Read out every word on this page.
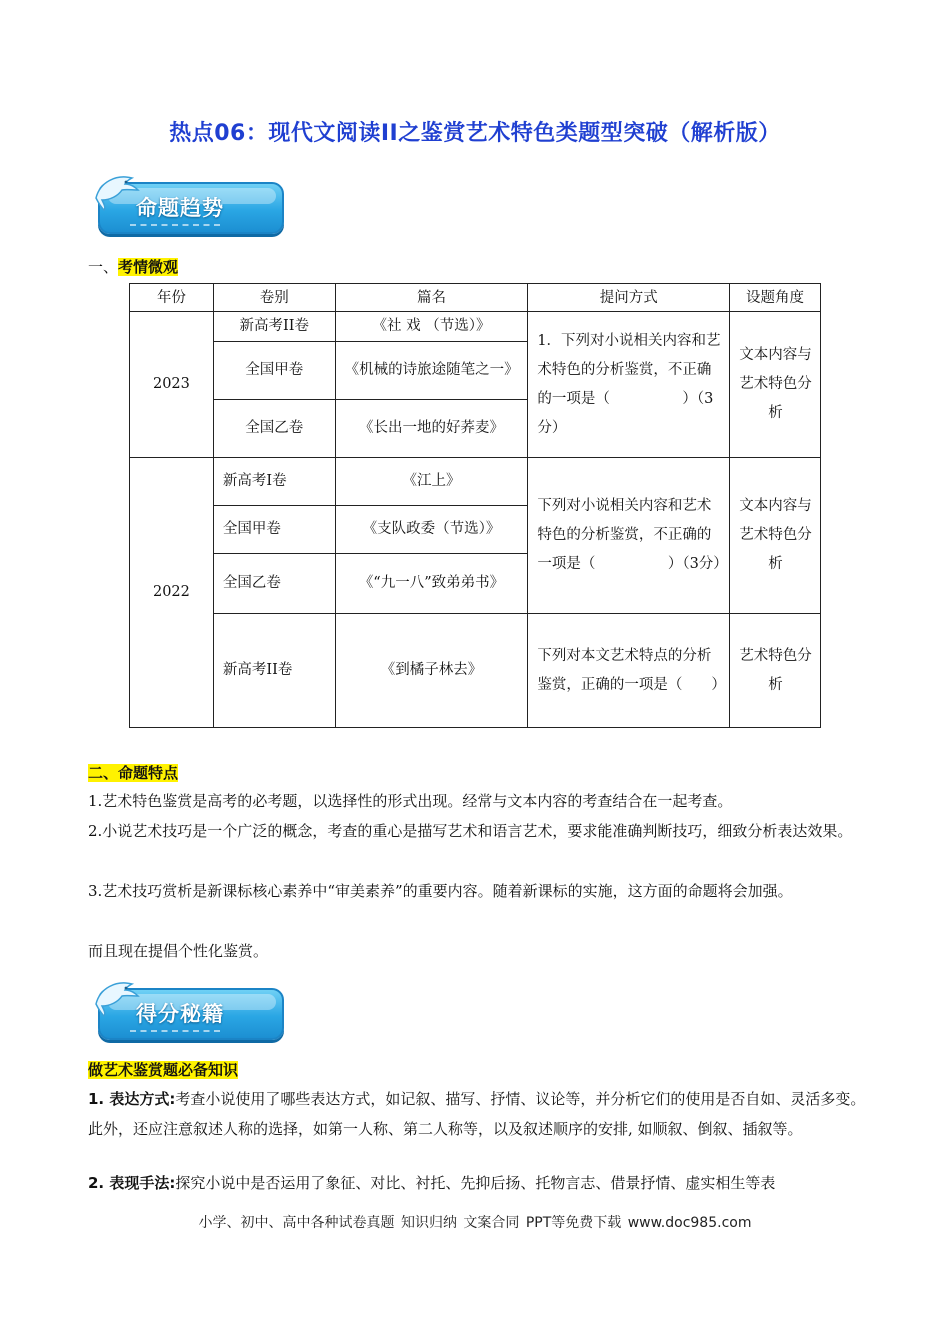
热点06：现代文阅读II之鉴赏艺术特色类题型突破（解析版）
命题趋势
一、考情微观
年份	卷别	篇名	提问方式	设题角度
2023	新高考II卷	《社 戏 （节选）》	1．下列对小说相关内容和艺术特色的分析鉴赏，不正确的一项是（　　　　　）（3分）	文本内容与艺术特色分析
	全国甲卷	《机械的诗旅途随笔之一》		
	全国乙卷	《长出一地的好荞麦》		
2022	新高考I卷	《江上》	下列对小说相关内容和艺术特色的分析鉴赏，不正确的一项是（　　　　　）（3分）	文本内容与艺术特色分析
	全国甲卷	《支队政委（节选）》		
	全国乙卷	《“九一八”致弟弟书》		
	新高考II卷	《到橘子林去》	下列对本文艺术特点的分析鉴赏，正确的一项是（　　）	艺术特色分析
二、命题特点
1.艺术特色鉴赏是高考的必考题，以选择性的形式出现。经常与文本内容的考查结合在一起考查。
2.小说艺术技巧是一个广泛的概念，考查的重心是描写艺术和语言艺术，要求能准确判断技巧，细致分析表达效果。
3.艺术技巧赏析是新课标核心素养中“审美素养”的重要内容。随着新课标的实施，这方面的命题将会加强。
而且现在提倡个性化鉴赏。
得分秘籍
做艺术鉴赏题必备知识
1. 表达方式:考查小说使用了哪些表达方式，如记叙、描写、抒情、议论等，并分析它们的使用是否自如、灵活多变。此外，还应注意叙述人称的选择，如第一人称、第二人称等，以及叙述顺序的安排, 如顺叙、倒叙、插叙等。
2. 表现手法:探究小说中是否运用了象征、对比、衬托、先抑后扬、托物言志、借景抒情、虚实相生等表
小学、初中、高中各种试卷真题 知识归纳 文案合同 PPT等免费下载 www.doc985.com
